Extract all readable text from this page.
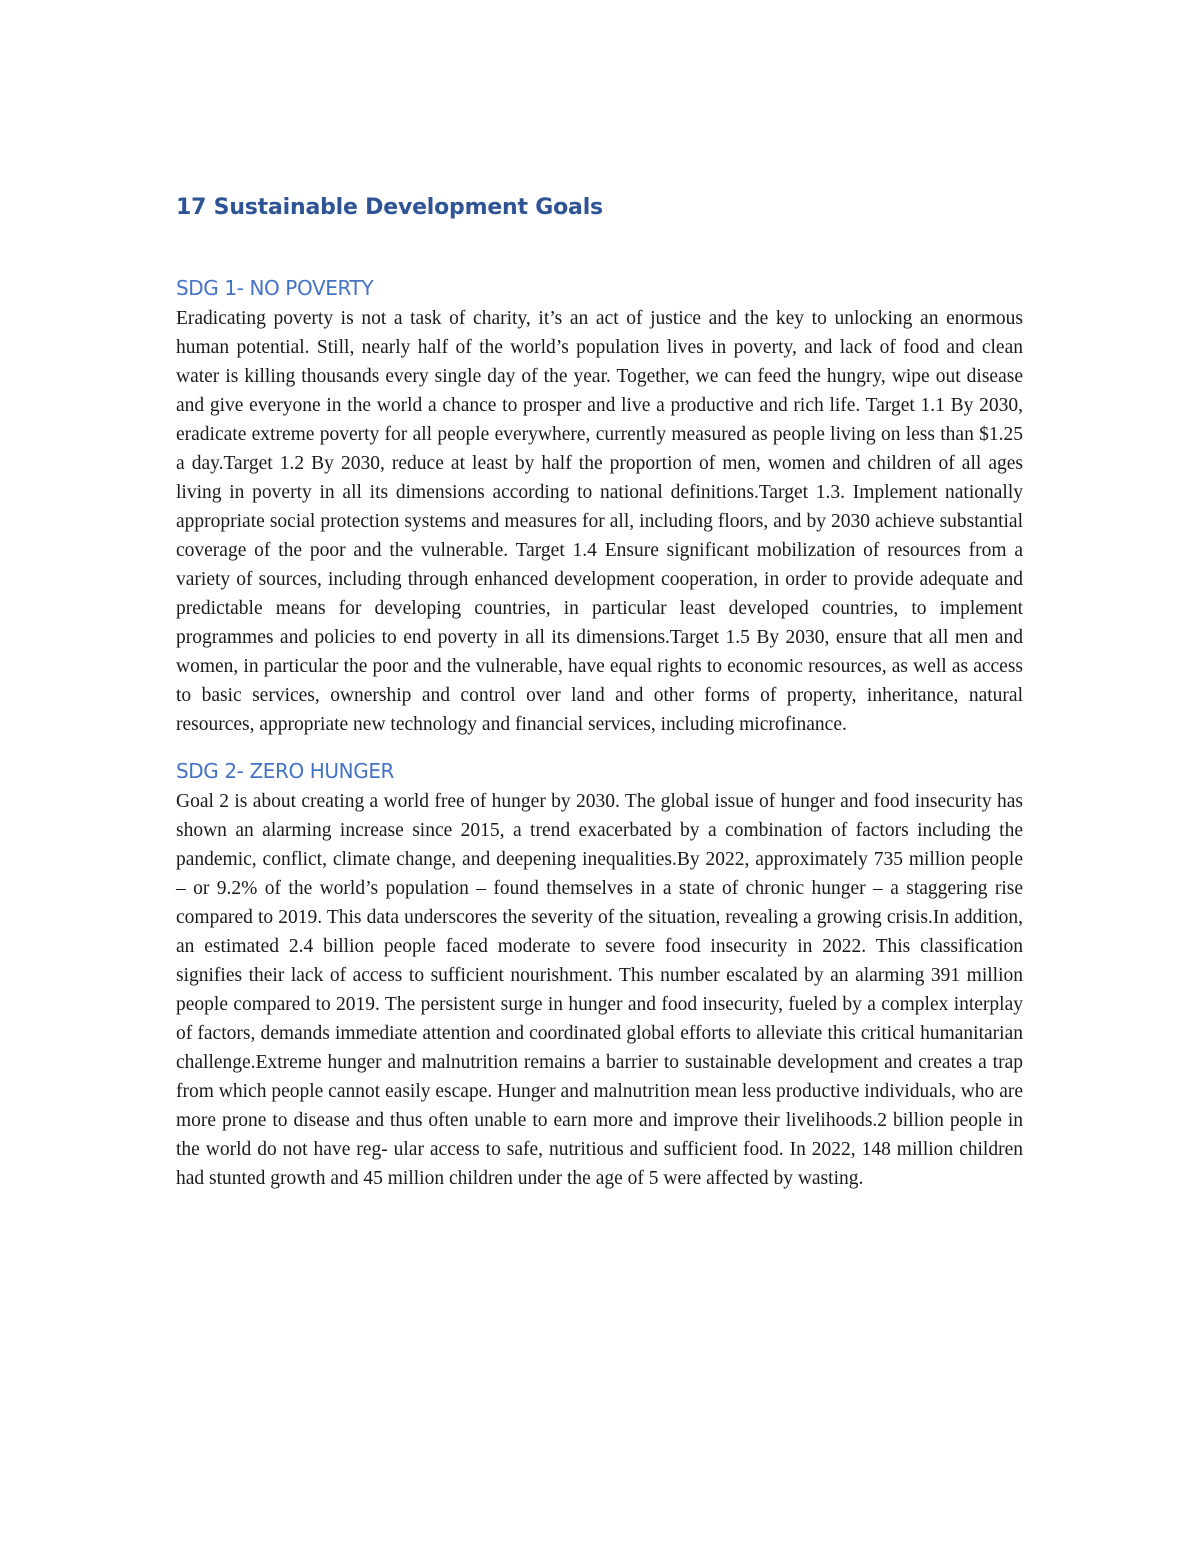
17 Sustainable Development Goals
SDG 1- NO POVERTY

Eradicating poverty is not a task of charity, it’s an act of justice and the key to unlocking an enormous human potential. Still, nearly half of the world’s population lives in poverty, and lack of food and clean water is killing thousands every single day of the year. Together, we can feed the hungry, wipe out disease and give everyone in the world a chance to prosper and live a productive and rich life. Target 1.1 By 2030, eradicate extreme poverty for all people everywhere, currently measured as people living on less than $1.25 a day.Target 1.2 By 2030, reduce at least by half the proportion of men, women and children of all ages living in poverty in all its dimensions according to national definitions.Target 1.3. Implement nationally appropriate social protection systems and measures for all, including floors, and by 2030 achieve substantial coverage of the poor and the vulnerable. Target 1.4 Ensure significant mobilization of resources from a variety of sources, including through enhanced development cooperation, in order to provide adequate and predictable means for developing countries, in particular least developed countries, to implement programmes and policies to end poverty in all its dimensions.Target 1.5 By 2030, ensure that all men and women, in particular the poor and the vulnerable, have equal rights to economic resources, as well as access to basic services, ownership and control over land and other forms of property, inheritance, natural resources, appropriate new technology and financial services, including microfinance.

SDG 2- ZERO HUNGER

Goal 2 is about creating a world free of hunger by 2030. The global issue of hunger and food insecurity has shown an alarming increase since 2015, a trend exacerbated by a combination of factors including the pandemic, conflict, climate change, and deepening inequalities.By 2022, approximately 735 million people – or 9.2% of the world’s population – found themselves in a state of chronic hunger – a staggering rise compared to 2019. This data underscores the severity of the situation, revealing a growing crisis.In addition, an estimated 2.4 billion people faced moderate to severe food insecurity in 2022. This classification signifies their lack of access to sufficient nourishment. This number escalated by an alarming 391 million people compared to 2019. The persistent surge in hunger and food insecurity, fueled by a complex interplay of factors, demands immediate attention and coordinated global efforts to alleviate this critical humanitarian challenge.Extreme hunger and malnutrition remains a barrier to sustainable development and creates a trap from which people cannot easily escape. Hunger and malnutrition mean less productive individuals, who are more prone to disease and thus often unable to earn more and improve their livelihoods.2 billion people in the world do not have reg- ular access to safe, nutritious and sufficient food. In 2022, 148 million children had stunted growth and 45 million children under the age of 5 were affected by wasting.
